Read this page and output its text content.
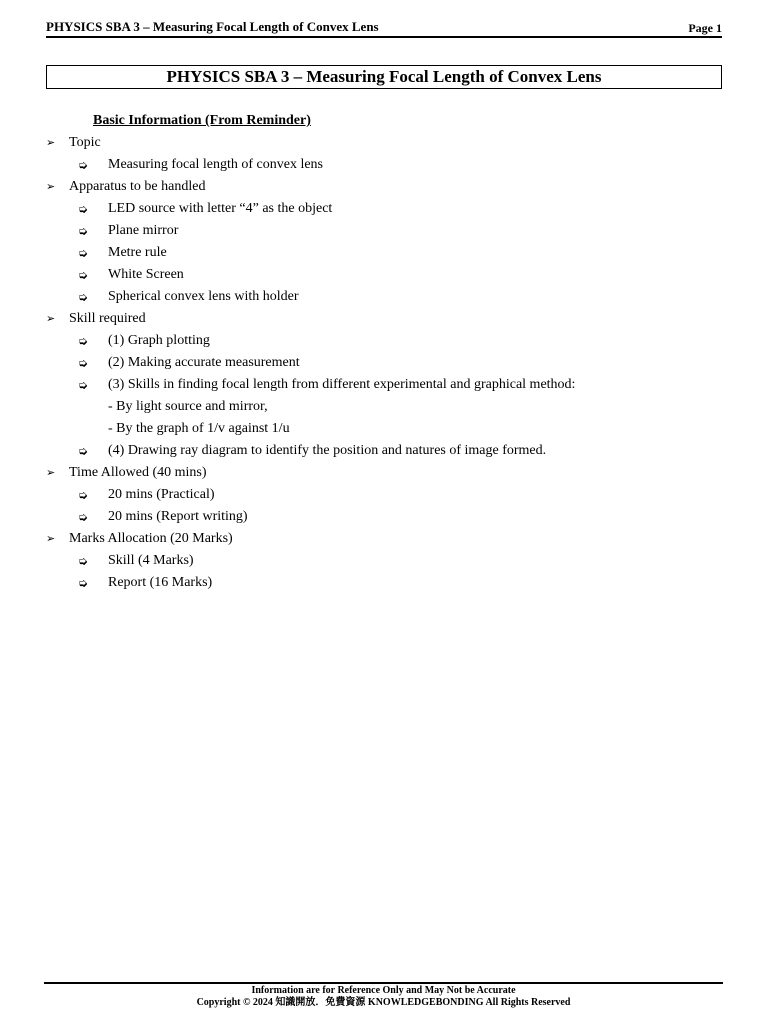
PHYSICS SBA 3 – Measuring Focal Length of Convex Lens	Page 1
PHYSICS SBA 3 – Measuring Focal Length of Convex Lens
Basic Information (From Reminder)
➢ Topic
➭ Measuring focal length of convex lens
➢ Apparatus to be handled
➭ LED source with letter “4” as the object
➭ Plane mirror
➭ Metre rule
➭ White Screen
➭ Spherical convex lens with holder
➢ Skill required
➭ (1) Graph plotting
➭ (2) Making accurate measurement
➭ (3) Skills in finding focal length from different experimental and graphical method:
- By light source and mirror,
- By the graph of 1/v against 1/u
➭ (4) Drawing ray diagram to identify the position and natures of image formed.
➢ Time Allowed (40 mins)
➭ 20 mins (Practical)
➭ 20 mins (Report writing)
➢ Marks Allocation (20 Marks)
➭ Skill (4 Marks)
➭ Report (16 Marks)
Information are for Reference Only and May Not be Accurate
Copyright © 2024 知識開放．免費資源 KNOWLEDGEBONDING All Rights Reserved
